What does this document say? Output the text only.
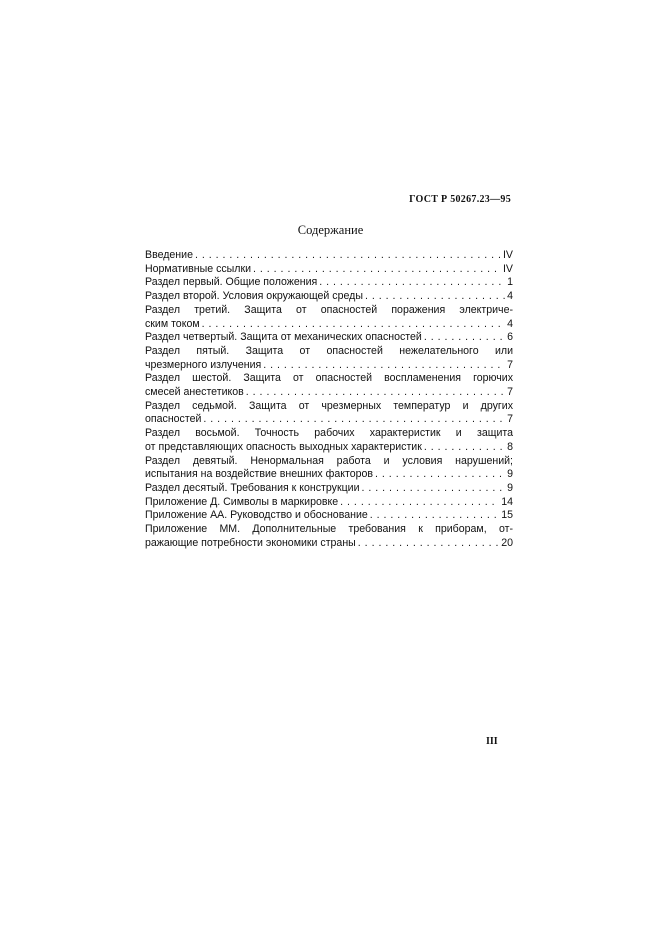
ГОСТ Р 50267.23—95
Содержание
Введение . . .	IV
Нормативные ссылки . . .	IV
Раздел первый. Общие положения . . .	1
Раздел второй. Условия окружающей среды . . .	4
Раздел третий. Защита от опасностей поражения электриче-
ским током . . .	4
Раздел четвертый. Защита от механических опасностей . . .	6
Раздел пятый. Защита от опасностей нежелательного или
чрезмерного излучения . . .	7
Раздел шестой. Защита от опасностей воспламенения горючих
смесей анестетиков . . .	7
Раздел седьмой. Защита от чрезмерных температур и других
опасностей . . .	7
Раздел восьмой. Точность рабочих характеристик и защита
от представляющих опасность выходных характеристик . . .	8
Раздел девятый. Ненормальная работа и условия нарушений;
испытания на воздействие внешних факторов . . .	9
Раздел десятый. Требования к конструкции . . .	9
Приложение Д. Символы в маркировке . . .	14
Приложение АА. Руководство и обоснование . . .	15
Приложение ММ. Дополнительные требования к приборам, от-
ражающие потребности экономики страны . . .	20
III
